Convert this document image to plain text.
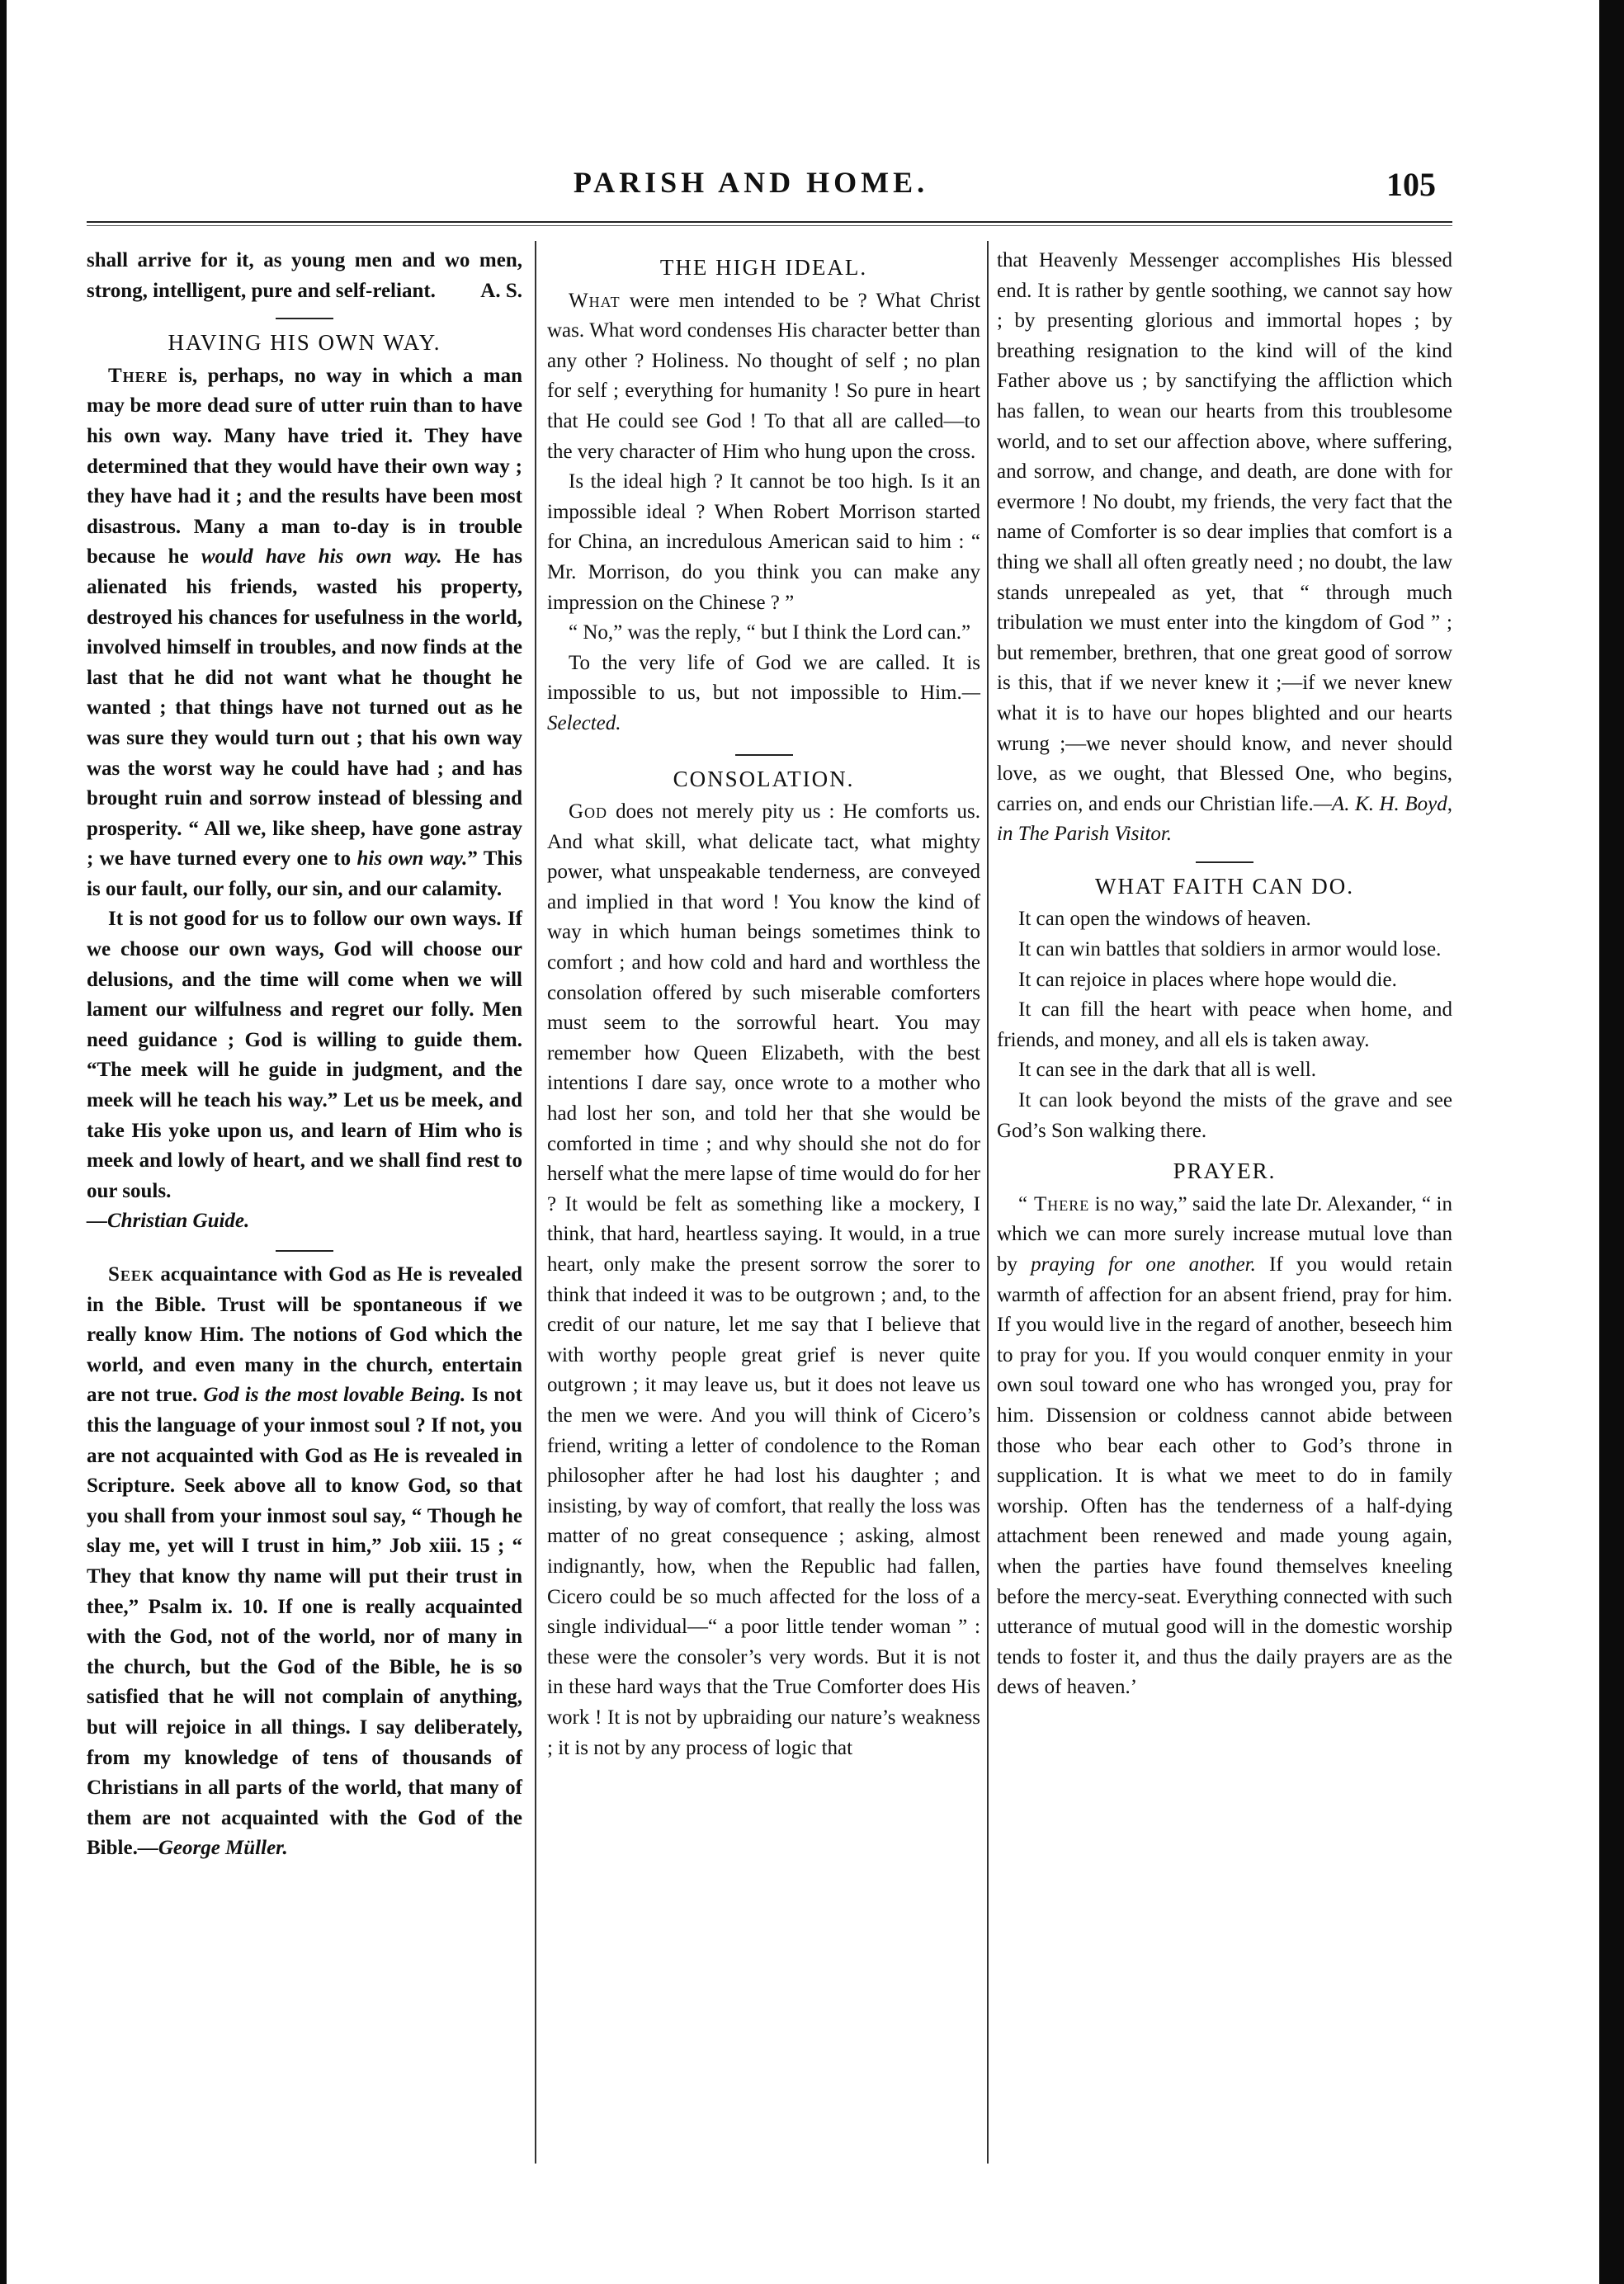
PARISH AND HOME.	105

shall arrive for it, as young men and wo men, strong, intelligent, pure and self-reliant. A. S.

HAVING HIS OWN WAY.

There is, perhaps, no way in which a man may be more dead sure of utter ruin than to have his own way. Many have tried it. They have determined that they would have their own way ; they have had it ; and the results have been most disastrous. Many a man to-day is in trouble because he would have his own way. He has alienated his friends, wasted his property, destroyed his chances for usefulness in the world, involved himself in troubles, and now finds at the last that he did not want what he thought he wanted ; that things have not turned out as he was sure they would turn out ; that his own way was the worst way he could have had ; and has brought ruin and sorrow instead of blessing and prosperity. “ All we, like sheep, have gone astray ; we have turned every one to his own way.” This is our fault, our folly, our sin, and our calamity.

It is not good for us to follow our own ways. If we choose our own ways, God will choose our delusions, and the time will come when we will lament our wilfulness and regret our folly. Men need guidance ; God is willing to guide them. “The meek will he guide in judgment, and the meek will he teach his way.” Let us be meek, and take His yoke upon us, and learn of Him who is meek and lowly of heart, and we shall find rest to our souls.
—Christian Guide.

Seek acquaintance with God as He is revealed in the Bible. Trust will be spontaneous if we really know Him. The notions of God which the world, and even many in the church, entertain are not true. God is the most lovable Being. Is not this the language of your inmost soul ? If not, you are not acquainted with God as He is revealed in Scripture. Seek above all to know God, so that you shall from your inmost soul say, “ Though he slay me, yet will I trust in him,” Job xiii. 15 ; “ They that know thy name will put their trust in thee,” Psalm ix. 10. If one is really acquainted with the God, not of the world, nor of many in the church, but the God of the Bible, he is so satisfied that he will not complain of anything, but will rejoice in all things. I say deliberately, from my knowledge of tens of thousands of Christians in all parts of the world, that many of them are not acquainted with the God of the Bible.—George Müller.

THE HIGH IDEAL.

What were men intended to be ? What Christ was. What word condenses His character better than any other ? Holiness. No thought of self ; no plan for self ; everything for humanity ! So pure in heart that He could see God ! To that all are called—to the very character of Him who hung upon the cross.

Is the ideal high ? It cannot be too high. Is it an impossible ideal ? When Robert Morrison started for China, an incredulous American said to him : “ Mr. Morrison, do you think you can make any impression on the Chinese ? ”

“ No,” was the reply, “ but I think the Lord can.”

To the very life of God we are called. It is impossible to us, but not impossible to Him.—Selected.

CONSOLATION.

God does not merely pity us : He comforts us. And what skill, what delicate tact, what mighty power, what unspeakable tenderness, are conveyed and implied in that word ! You know the kind of way in which human beings sometimes think to comfort ; and how cold and hard and worthless the consolation offered by such miserable comforters must seem to the sorrowful heart. You may remember how Queen Elizabeth, with the best intentions I dare say, once wrote to a mother who had lost her son, and told her that she would be comforted in time ; and why should she not do for herself what the mere lapse of time would do for her ? It would be felt as something like a mockery, I think, that hard, heartless saying. It would, in a true heart, only make the present sorrow the sorer to think that indeed it was to be outgrown ; and, to the credit of our nature, let me say that I believe that with worthy people great grief is never quite outgrown ; it may leave us, but it does not leave us the men we were. And you will think of Cicero’s friend, writing a letter of condolence to the Roman philosopher after he had lost his daughter ; and insisting, by way of comfort, that really the loss was matter of no great consequence ; asking, almost indignantly, how, when the Republic had fallen, Cicero could be so much affected for the loss of a single individual—“ a poor little tender woman ” : these were the consoler’s very words. But it is not in these hard ways that the True Comforter does His work ! It is not by upbraiding our nature’s weakness ; it is not by any process of logic that

that Heavenly Messenger accomplishes His blessed end. It is rather by gentle soothing, we cannot say how ; by presenting glorious and immortal hopes ; by breathing resignation to the kind will of the kind Father above us ; by sanctifying the affliction which has fallen, to wean our hearts from this troublesome world, and to set our affection above, where suffering, and sorrow, and change, and death, are done with for evermore ! No doubt, my friends, the very fact that the name of Comforter is so dear implies that comfort is a thing we shall all often greatly need ; no doubt, the law stands unrepealed as yet, that “ through much tribulation we must enter into the kingdom of God ” ; but remember, brethren, that one great good of sorrow is this, that if we never knew it ;—if we never knew what it is to have our hopes blighted and our hearts wrung ;—we never should know, and never should love, as we ought, that Blessed One, who begins, carries on, and ends our Christian life.—A. K. H. Boyd, in The Parish Visitor.

WHAT FAITH CAN DO.

It can open the windows of heaven.

It can win battles that soldiers in armor would lose.

It can rejoice in places where hope would die.

It can fill the heart with peace when home, and friends, and money, and all els is taken away.

It can see in the dark that all is well.

It can look beyond the mists of the grave and see God’s Son walking there.

PRAYER.

“ There is no way,” said the late Dr. Alexander, “ in which we can more surely increase mutual love than by praying for one another. If you would retain warmth of affection for an absent friend, pray for him. If you would live in the regard of another, beseech him to pray for you. If you would conquer enmity in your own soul toward one who has wronged you, pray for him. Dissension or coldness cannot abide between those who bear each other to God’s throne in supplication. It is what we meet to do in family worship. Often has the tenderness of a half-dying attachment been renewed and made young again, when the parties have found themselves kneeling before the mercy-seat. Everything connected with such utterance of mutual good will in the domestic worship tends to foster it, and thus the daily prayers are as the dews of heaven.’
